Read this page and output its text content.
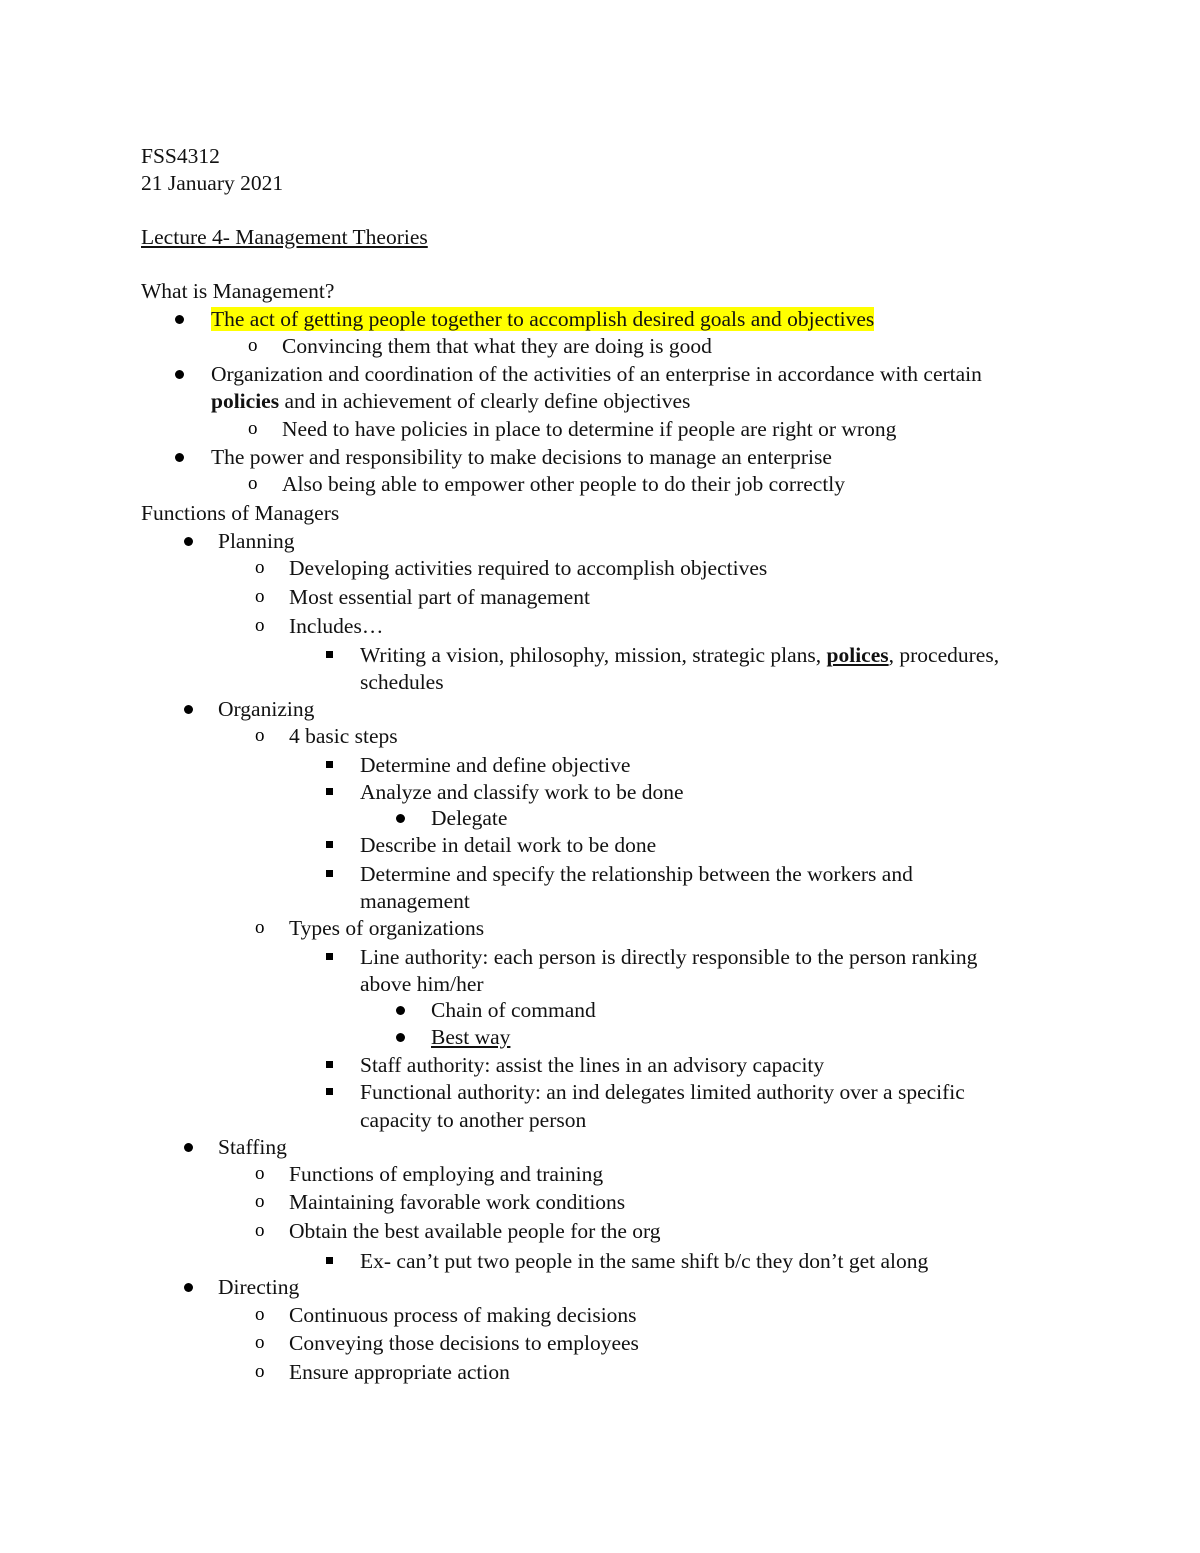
FSS4312
21 January 2021
Lecture 4- Management Theories
What is Management?
The act of getting people together to accomplish desired goals and objectives
o Convincing them that what they are doing is good
Organization and coordination of the activities of an enterprise in accordance with certain
policies and in achievement of clearly define objectives
o Need to have policies in place to determine if people are right or wrong
The power and responsibility to make decisions to manage an enterprise
o Also being able to empower other people to do their job correctly
Functions of Managers
Planning
o Developing activities required to accomplish objectives
o Most essential part of management
o Includes…
Writing a vision, philosophy, mission, strategic plans, polices, procedures,
schedules
Organizing
o 4 basic steps
Determine and define objective
Analyze and classify work to be done
Delegate
Describe in detail work to be done
Determine and specify the relationship between the workers and
management
o Types of organizations
Line authority: each person is directly responsible to the person ranking
above him/her
Chain of command
Best way
Staff authority: assist the lines in an advisory capacity
Functional authority: an ind delegates limited authority over a specific
capacity to another person
Staffing
o Functions of employing and training
o Maintaining favorable work conditions
o Obtain the best available people for the org
Ex- can’t put two people in the same shift b/c they don’t get along
Directing
o Continuous process of making decisions
o Conveying those decisions to employees
o Ensure appropriate action
